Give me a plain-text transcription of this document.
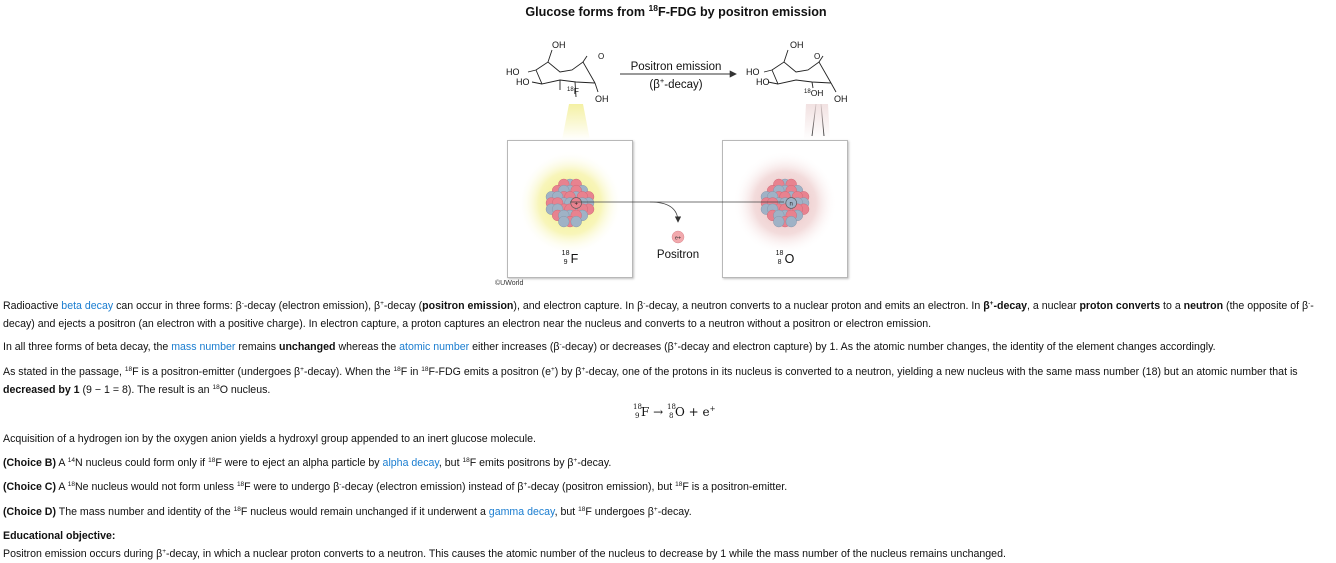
Glucose forms from $^{18}$F-FDG by positron emission
OH
HO
HO
$^{18}$F
OH
O
OH
HO
HO
$^{18}$OH
OH
O
Positron emission
(β+-decay)
+
18
9 F
n
18
8 O
e+
Positron
©UWorld
Radioactive beta decay can occur in three forms: β--decay (electron emission), β+-decay (positron emission), and electron capture. In β--decay, a neutron converts to a nuclear proton and emits an electron. In β+-decay, a nuclear proton converts to a neutron (the opposite of β--
decay) and ejects a positron (an electron with a positive charge). In electron capture, a proton captures an electron near the nucleus and converts to a neutron without a positron or electron emission.
In all three forms of beta decay, the mass number remains unchanged whereas the atomic number either increases (β--decay) or decreases (β+-decay and electron capture) by 1. As the atomic number changes, the identity of the element changes accordingly.
As stated in the passage, $^{18}$F is a positron-emitter (undergoes β+-decay). When the $^{18}$F in $^{18}$F-FDG emits a positron (e+) by β+-decay, one of the protons in its nucleus is converted to a neutron, yielding a new nucleus with the same mass number (18) but an atomic number that is
decreased by 1 (9 − 1 = 8). The result is an $^{18}$O nucleus.
18
9 F → 18
8 O + e+
Acquisition of a hydrogen ion by the oxygen anion yields a hydroxyl group appended to an inert glucose molecule.
(Choice B) A $^{14}$N nucleus could form only if $^{18}$F were to eject an alpha particle by alpha decay, but $^{18}$F emits positrons by β+-decay.
(Choice C) A $^{18}$Ne nucleus would not form unless $^{18}$F were to undergo β--decay (electron emission) instead of β+-decay (positron emission), but $^{18}$F is a positron-emitter.
(Choice D) The mass number and identity of the $^{18}$F nucleus would remain unchanged if it underwent a gamma decay, but $^{18}$F undergoes β+-decay.
Educational objective:
Positron emission occurs during β+-decay, in which a nuclear proton converts to a neutron. This causes the atomic number of the nucleus to decrease by 1 while the mass number of the nucleus remains unchanged.
